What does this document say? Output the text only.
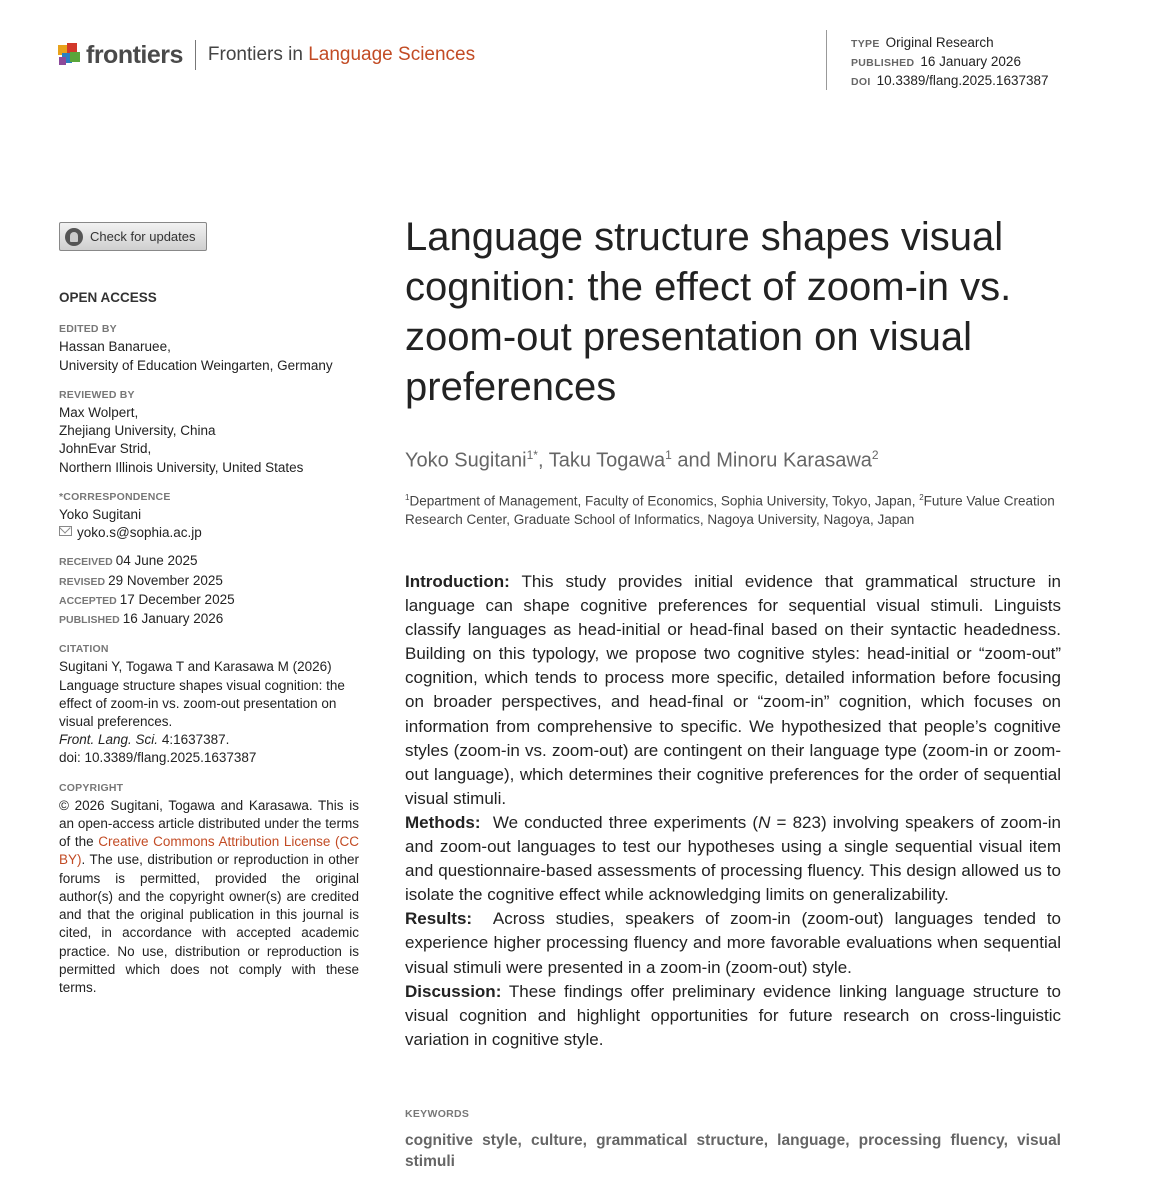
frontiers Frontiers in Language Sciences	TYPE Original Research
PUBLISHED 16 January 2026
DOI 10.3389/flang.2025.1637387
Check for updates
OPEN ACCESS
EDITED BY
Hassan Banaruee,
University of Education Weingarten, Germany
REVIEWED BY
Max Wolpert,
Zhejiang University, China
JohnEvar Strid,
Northern Illinois University, United States
*CORRESPONDENCE
Yoko Sugitani
yoko.s@sophia.ac.jp
RECEIVED 04 June 2025
REVISED 29 November 2025
ACCEPTED 17 December 2025
PUBLISHED 16 January 2026
CITATION
Sugitani Y, Togawa T and Karasawa M (2026) Language structure shapes visual cognition: the effect of zoom-in vs. zoom-out presentation on visual preferences.
Front. Lang. Sci. 4:1637387.
doi: 10.3389/flang.2025.1637387
COPYRIGHT
© 2026 Sugitani, Togawa and Karasawa. This is an open-access article distributed under the terms of the Creative Commons Attribution License (CC BY). The use, distribution or reproduction in other forums is permitted, provided the original author(s) and the copyright owner(s) are credited and that the original publication in this journal is cited, in accordance with accepted academic practice. No use, distribution or reproduction is permitted which does not comply with these terms.
Language structure shapes visual cognition: the effect of zoom-in vs. zoom-out presentation on visual preferences
Yoko Sugitani$^{1*}$, Taku Togawa$^1$ and Minoru Karasawa$^2$
$^1$Department of Management, Faculty of Economics, Sophia University, Tokyo, Japan, $^2$Future Value Creation Research Center, Graduate School of Informatics, Nagoya University, Nagoya, Japan

Introduction: This study provides initial evidence that grammatical structure in language can shape cognitive preferences for sequential visual stimuli. Linguists classify languages as head-initial or head-final based on their syntactic headedness. Building on this typology, we propose two cognitive styles: head-initial or “zoom-out” cognition, which tends to process more specific, detailed information before focusing on broader perspectives, and head-final or “zoom-in” cognition, which focuses on information from comprehensive to specific. We hypothesized that people’s cognitive styles (zoom-in vs. zoom-out) are contingent on their language type (zoom-in or zoom-out language), which determines their cognitive preferences for the order of sequential visual stimuli.

Methods:  We conducted three experiments (N = 823) involving speakers of zoom-in and zoom-out languages to test our hypotheses using a single sequential visual item and questionnaire-based assessments of processing fluency. This design allowed us to isolate the cognitive effect while acknowledging limits on generalizability.

Results:  Across studies, speakers of zoom-in (zoom-out) languages tended to experience higher processing fluency and more favorable evaluations when sequential visual stimuli were presented in a zoom-in (zoom-out) style.

Discussion: These findings offer preliminary evidence linking language structure to visual cognition and highlight opportunities for future research on cross-linguistic variation in cognitive style.

KEYWORDS
cognitive style, culture, grammatical structure, language, processing fluency, visual stimuli
